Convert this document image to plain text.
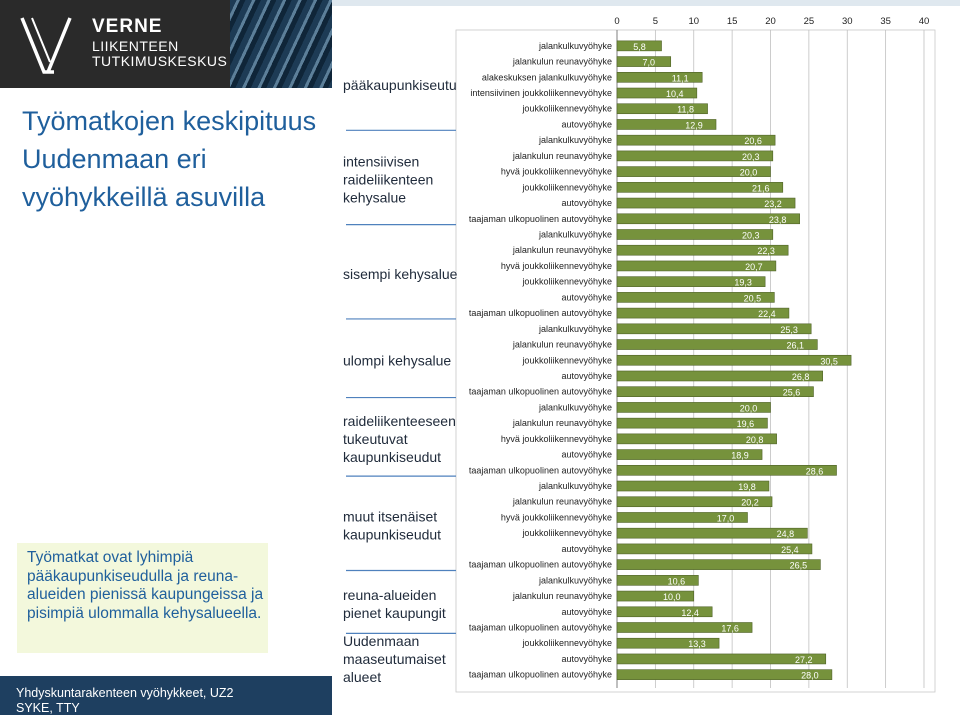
VERNE
LIIKENTEEN
TUTKIMUSKESKUS
Työmatkojen keskipituus Uudenmaan eri vyöhykkeillä asuvilla
Työmatkat ovat lyhimpiä pääkaupunkiseudulla ja reuna-alueiden pienissä kaupungeissa ja pisimpiä ulommalla kehysalueella.
Yhdyskuntarakenteen vyöhykkeet, UZ2
SYKE, TTY
0	5	10	15	20	25	30	35	40
jalankulkuvyöhyke 5,8
jalankulun reunavyöhyke	7,0
alakeskuksen jalankulkuvyöhyke	11,1
intensiivinen joukkoliikennevyöhyke	10,4
joukkoliikennevyöhyke	11,8
autovyöhyke	12,9
pääkaupunkiseutu
jalankulkuvyöhyke	20,6
jalankulun reunavyöhyke	20,3
hyvä joukkoliikennevyöhyke	20,0
joukkoliikennevyöhyke	21,6
autovyöhyke	23,2
taajaman ulkopuolinen autovyöhyke	23,8
intensiivisen raideliikenteen kehysalue
jalankulkuvyöhyke	20,3
jalankulun reunavyöhyke	22,3
hyvä joukkoliikennevyöhyke	20,7
joukkoliikennevyöhyke	19,3
autovyöhyke	20,5
taajaman ulkopuolinen autovyöhyke	22,4
sisempi kehysalue
jalankulkuvyöhyke	25,3
jalankulun reunavyöhyke	26,1
joukkoliikennevyöhyke	30,5
autovyöhyke	26,8
taajaman ulkopuolinen autovyöhyke	25,6
ulompi kehysalue
jalankulkuvyöhyke	20,0
jalankulun reunavyöhyke	19,6
hyvä joukkoliikennevyöhyke	20,8
autovyöhyke	18,9
taajaman ulkopuolinen autovyöhyke	28,6
raideliikenteeseen tukeutuvat kaupunkiseudut
jalankulkuvyöhyke	19,8
jalankulun reunavyöhyke	20,2
hyvä joukkoliikennevyöhyke	17,0
joukkoliikennevyöhyke	24,8
autovyöhyke	25,4
taajaman ulkopuolinen autovyöhyke	26,5
muut itsenäiset kaupunkiseudut
jalankulkuvyöhyke	10,6
jalankulun reunavyöhyke	10,0
autovyöhyke	12,4
taajaman ulkopuolinen autovyöhyke	17,6
reuna-alueiden pienet kaupungit
joukkoliikennevyöhyke	13,3
autovyöhyke	27,2
taajaman ulkopuolinen autovyöhyke	28,0
Uudenmaan maaseutumaiset alueet
